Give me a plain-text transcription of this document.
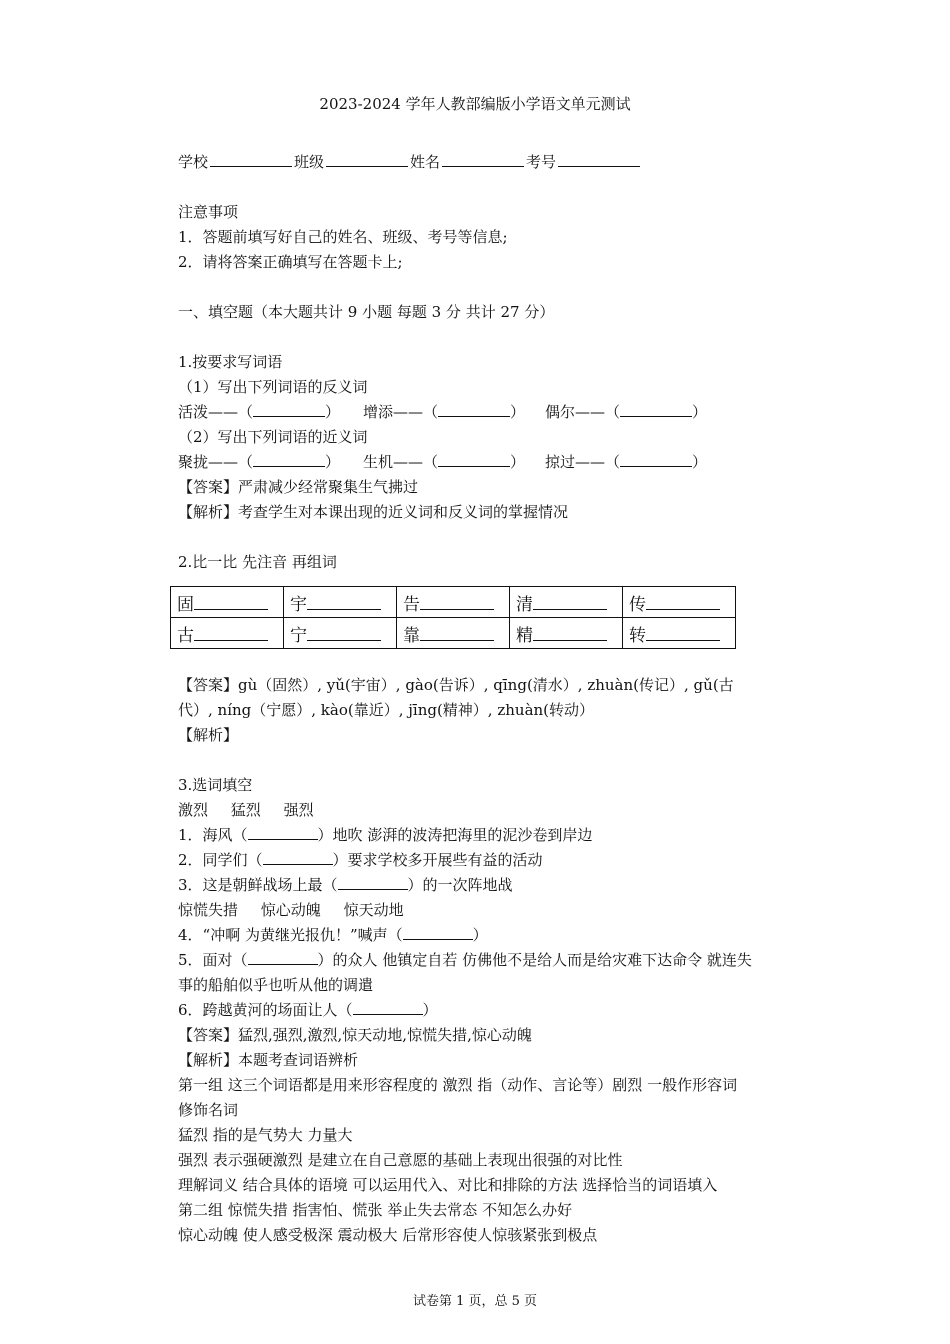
2023-2024 学年人教部编版小学语文单元测试
学校	班级	姓名	考号
注意事项
1．答题前填写好自己的姓名、班级、考号等信息;
2．请将答案正确填写在答题卡上;
一、填空题（本大题共计 9 小题 每题 3 分 共计 27 分）
1.按要求写词语
（1）写出下列词语的反义词
活泼——（	）	增添——（	）	偶尔——（	）
（2）写出下列词语的近义词
聚拢——（	）	生机——（	）	掠过——（	）
【答案】严肃减少经常聚集生气拂过
【解析】考查学生对本课出现的近义词和反义词的掌握情况
2.比一比 先注音 再组词
固	宇	告	清	传
古	宁	靠	精	转
【答案】gù（固然）, yǔ(宇宙）, gào(告诉）, qīng(清水）, zhuàn(传记）, gǔ(古
代）, níng（宁愿）, kào(靠近）, jīng(精神）, zhuàn(转动）
【解析】
3.选词填空
激烈 猛烈 强烈
1．海风（	）地吹 澎湃的波涛把海里的泥沙卷到岸边
2．同学们（	）要求学校多开展些有益的活动
3．这是朝鲜战场上最（	）的一次阵地战
惊慌失措 惊心动魄 惊天动地
4．“冲啊 为黄继光报仇！”喊声（	）
5．面对（	）的众人 他镇定自若 仿佛他不是给人而是给灾难下达命令 就连失
事的船舶似乎也听从他的调遣
6．跨越黄河的场面让人（	）
【答案】猛烈,强烈,激烈,惊天动地,惊慌失措,惊心动魄
【解析】本题考查词语辨析
第一组 这三个词语都是用来形容程度的 激烈 指（动作、言论等）剧烈 一般作形容词
修饰名词
猛烈 指的是气势大 力量大
强烈 表示强硬激烈 是建立在自己意愿的基础上表现出很强的对比性
理解词义 结合具体的语境 可以运用代入、对比和排除的方法 选择恰当的词语填入
第二组 惊慌失措 指害怕、慌张 举止失去常态 不知怎么办好
惊心动魄 使人感受极深 震动极大 后常形容使人惊骇紧张到极点
试卷第 1 页，总 5 页
